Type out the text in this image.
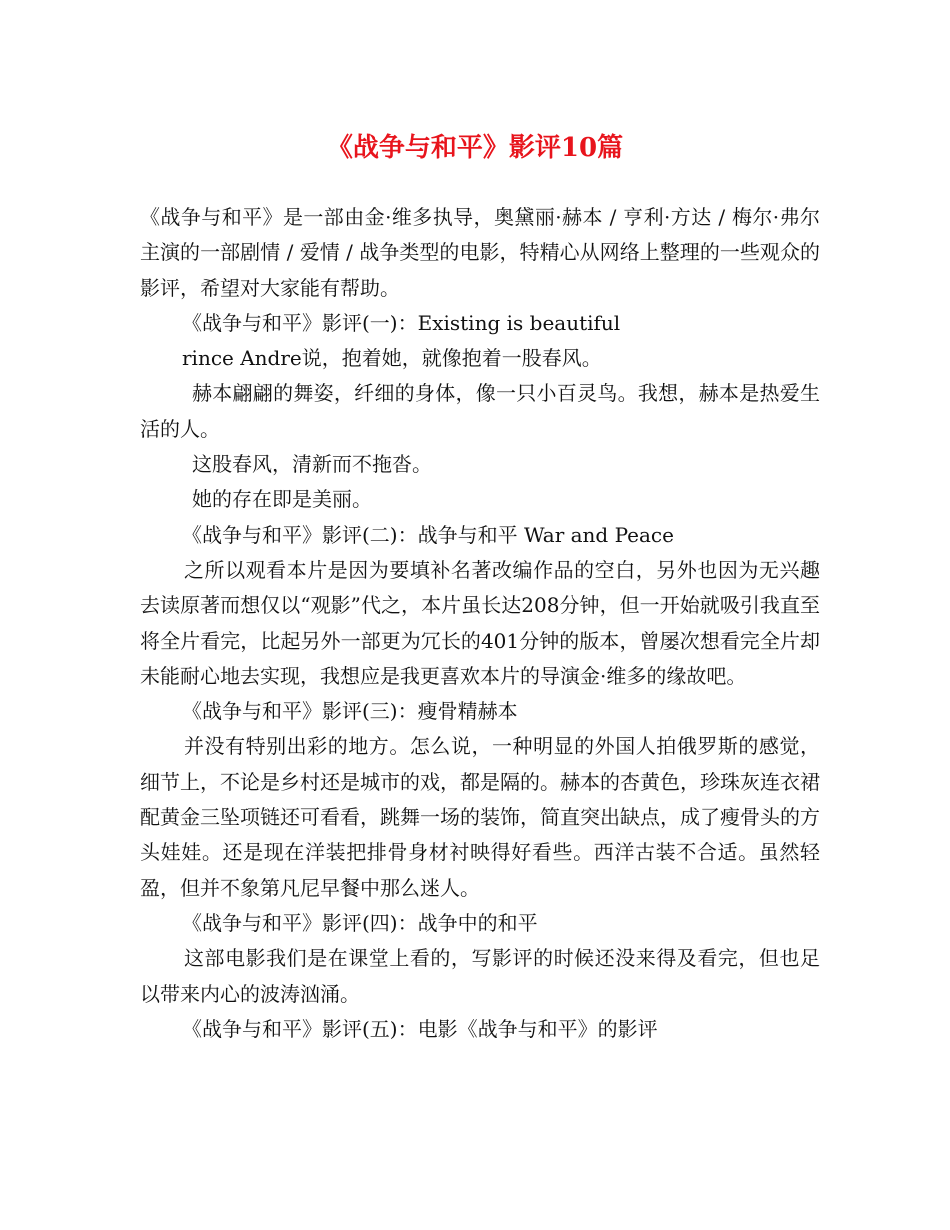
《战争与和平》影评10篇

《战争与和平》是一部由金·维多执导，奥黛丽·赫本 / 亨利·方达 / 梅尔·弗尔主演的一部剧情 / 爱情 / 战争类型的电影，特精心从网络上整理的一些观众的影评，希望对大家能有帮助。

《战争与和平》影评(一)：Existing is beautiful

rince Andre说，抱着她，就像抱着一股春风。

赫本翩翩的舞姿，纤细的身体，像一只小百灵鸟。我想，赫本是热爱生活的人。

这股春风，清新而不拖沓。

她的存在即是美丽。

《战争与和平》影评(二)：战争与和平 War and Peace

之所以观看本片是因为要填补名著改编作品的空白，另外也因为无兴趣去读原著而想仅以“观影”代之，本片虽长达208分钟，但一开始就吸引我直至将全片看完，比起另外一部更为冗长的401分钟的版本，曾屡次想看完全片却未能耐心地去实现，我想应是我更喜欢本片的导演金·维多的缘故吧。

《战争与和平》影评(三)：瘦骨精赫本

并没有特别出彩的地方。怎么说，一种明显的外国人拍俄罗斯的感觉，细节上，不论是乡村还是城市的戏，都是隔的。赫本的杏黄色，珍珠灰连衣裙配黄金三坠项链还可看看，跳舞一场的装饰，简直突出缺点，成了瘦骨头的方头娃娃。还是现在洋装把排骨身材衬映得好看些。西洋古装不合适。虽然轻盈，但并不象第凡尼早餐中那么迷人。

《战争与和平》影评(四)：战争中的和平

这部电影我们是在课堂上看的，写影评的时候还没来得及看完，但也足以带来内心的波涛汹涌。

《战争与和平》影评(五)：电影《战争与和平》的影评
